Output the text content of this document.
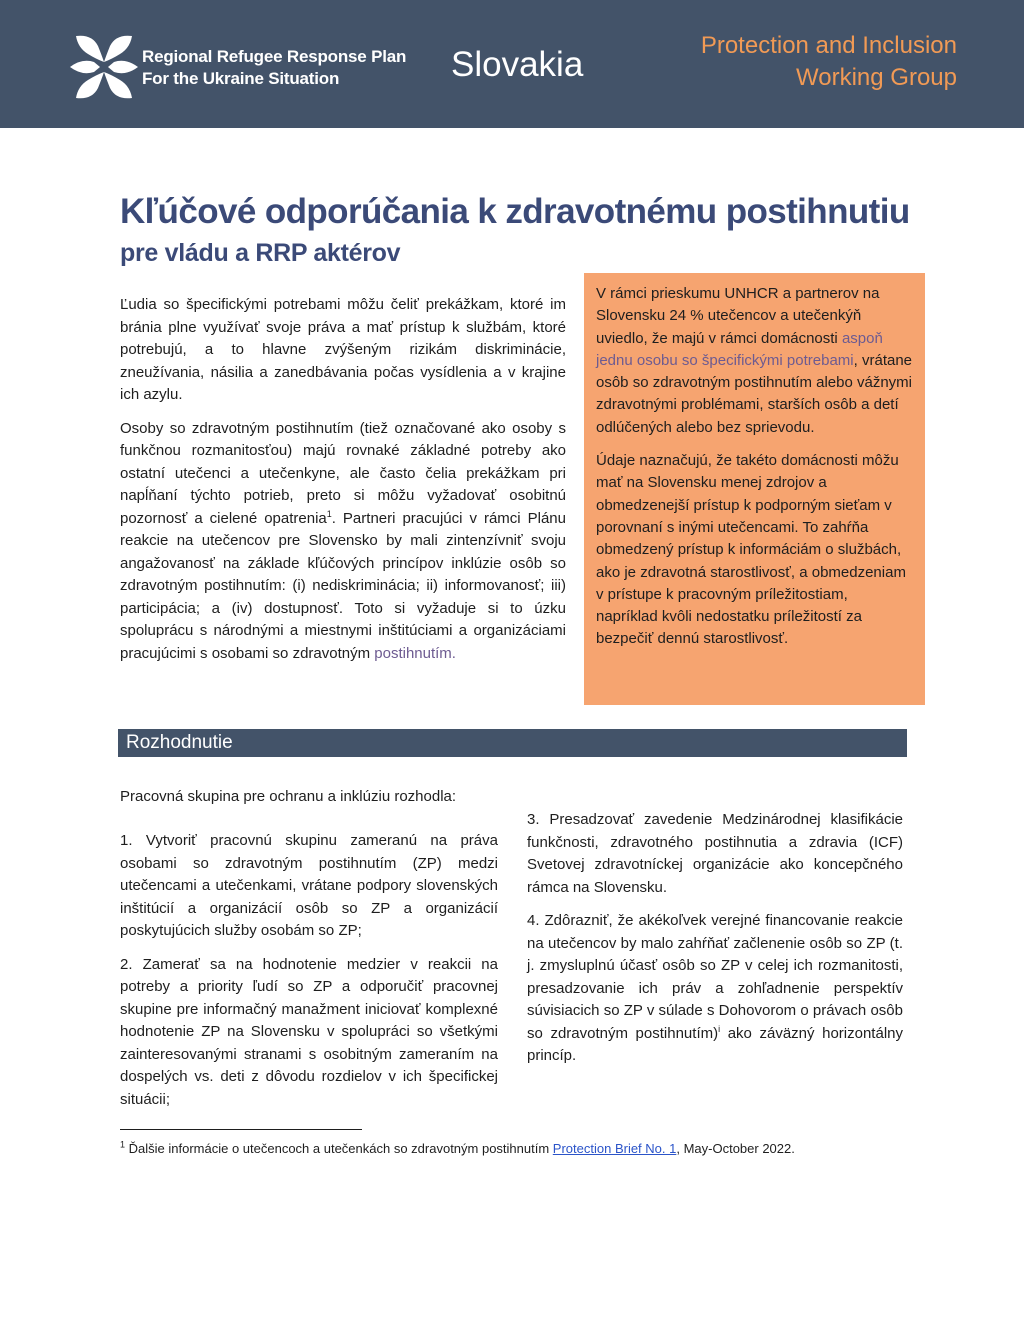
Regional Refugee Response Plan
For the Ukraine Situation	Slovakia	Protection and Inclusion
Working Group
Kľúčové odporúčania k zdravotnému postihnutiu
pre vládu a RRP aktérov

Ľudia so špecifickými potrebami môžu čeliť prekážkam, ktoré im bránia plne využívať svoje práva a mať prístup k službám, ktoré potrebujú, a to hlavne zvýšeným rizikám diskriminácie, zneužívania, násilia a zanedbávania počas vysídlenia a v krajine ich azylu.

Osoby so zdravotným postihnutím (tiež označované ako osoby s funkčnou rozmanitosťou) majú rovnaké základné potreby ako ostatní utečenci a utečenkyne, ale často čelia prekážkam pri napĺňaní týchto potrieb, preto si môžu vyžadovať osobitnú pozornosť a cielené opatrenia$^1$. Partneri pracujúci v rámci Plánu reakcie na utečencov pre Slovensko by mali zintenzívniť svoju angažovanosť na základe kľúčových princípov inklúzie osôb so zdravotným postihnutím: (i) nediskriminácia; ii) informovanosť; iii) participácia; a (iv) dostupnosť. Toto si vyžaduje si to úzku spoluprácu s národnými a miestnymi inštitúciami a organizáciami pracujúcimi s osobami so zdravotným postihnutím.

V rámci prieskumu UNHCR a partnerov na Slovensku 24 % utečencov a utečenkýň uviedlo, že majú v rámci domácnosti aspoň jednu osobu so špecifickými potrebami, vrátane osôb so zdravotným postihnutím alebo vážnymi zdravotnými problémami, starších osôb a detí odlúčených alebo bez sprievodu.

Údaje naznačujú, že takéto domácnosti môžu mať na Slovensku menej zdrojov a obmedzenejší prístup k podporným sieťam v porovnaní s inými utečencami. To zahŕňa obmedzený prístup k informáciám o službách, ako je zdravotná starostlivosť, a obmedzeniam v prístupe k pracovným príležitostiam, napríklad kvôli nedostatku príležitostí za bezpečiť dennú starostlivosť.

Rozhodnutie
Pracovná skupina pre ochranu a inklúziu rozhodla:

1. Vytvoriť pracovnú skupinu zameranú na práva osobami so zdravotným postihnutím (ZP) medzi utečencami a utečenkami, vrátane podpory slovenských inštitúcií a organizácií osôb so ZP a organizácií poskytujúcich služby osobám so ZP;

2. Zamerať sa na hodnotenie medzier v reakcii na potreby a priority ľudí so ZP a odporučiť pracovnej skupine pre informačný manažment iniciovať komplexné hodnotenie ZP na Slovensku v spolupráci so všetkými zainteresovanými stranami s osobitným zameraním na dospelých vs. deti z dôvodu rozdielov v ich špecifickej situácii;

3. Presadzovať zavedenie Medzinárodnej klasifikácie funkčnosti, zdravotného postihnutia a zdravia (ICF) Svetovej zdravotníckej organizácie ako koncepčného rámca na Slovensku.

4. Zdôrazniť, že akékoľvek verejné financovanie reakcie na utečencov by malo zahŕňať začlenenie osôb so ZP (t. j. zmysluplnú účasť osôb so ZP v celej ich rozmanitosti, presadzovanie ich práv a zohľadnenie perspektív súvisiacich so ZP v súlade s Dohovorom o právach osôb so zdravotným postihnutím)$^i$ ako záväzný horizontálny princíp.

$^1$ Ďalšie informácie o utečencoch a utečenkách so zdravotným postihnutím Protection Brief No. 1, May-October 2022.
